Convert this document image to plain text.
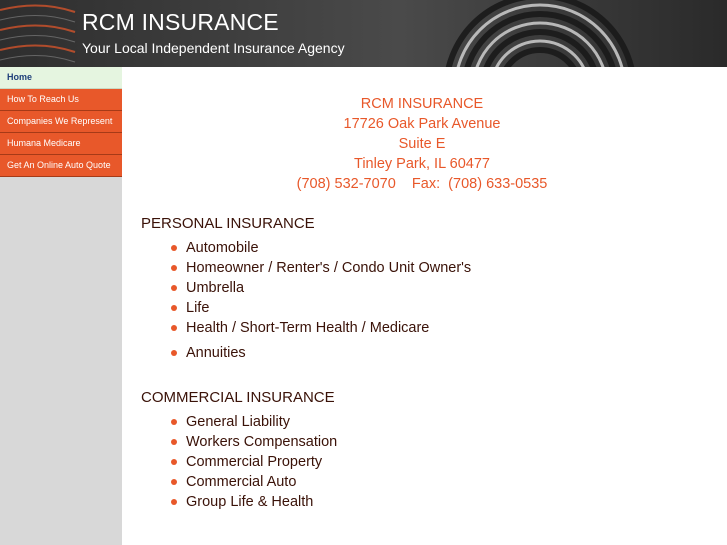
RCM INSURANCE
Your Local Independent Insurance Agency
Home
How To Reach Us
Companies We Represent
Humana Medicare
Get An Online Auto Quote
RCM INSURANCE
17726 Oak Park Avenue
Suite E
Tinley Park, IL 60477
(708) 532-7070    Fax:  (708) 633-0535
PERSONAL INSURANCE
Automobile
Homeowner / Renter's / Condo Unit Owner's
Umbrella
Life
Health / Short-Term Health / Medicare
Annuities
COMMERCIAL INSURANCE
General Liability
Workers Compensation
Commercial Property
Commercial Auto
Group Life & Health
